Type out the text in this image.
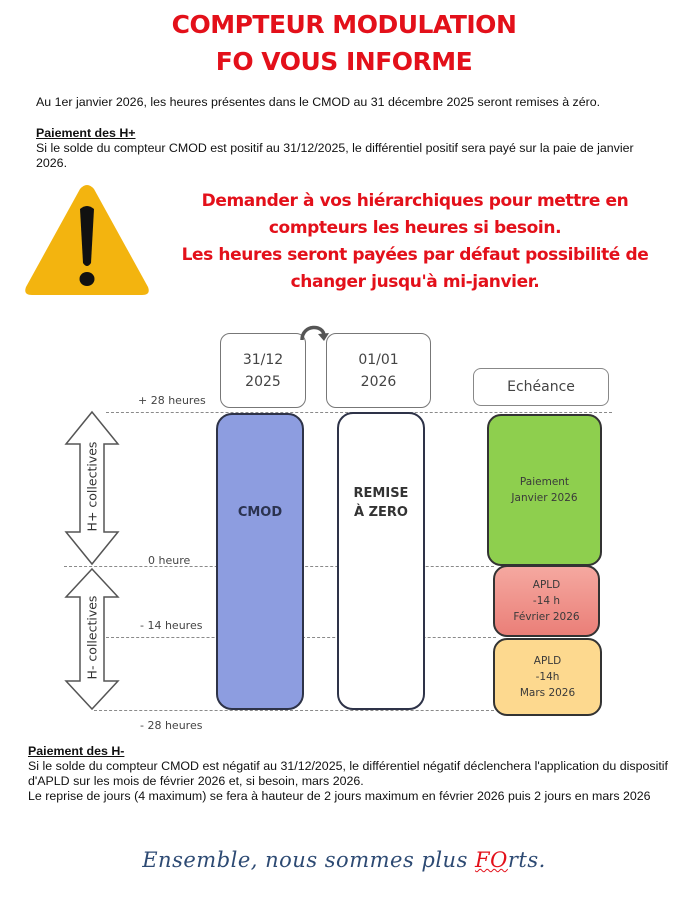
COMPTEUR MODULATION
FO VOUS INFORME
Au 1er janvier 2026, les heures présentes dans le CMOD au 31 décembre 2025 seront remises à zéro.
Paiement des H+
Si le solde du compteur CMOD est positif au 31/12/2025, le différentiel positif sera payé sur la paie de janvier 2026.
Demander à vos hiérarchiques pour mettre en
compteurs les heures si besoin.
Les heures seront payées par défaut possibilité de
changer jusqu'à mi-janvier.
+ 28 heures
0 heure
- 14 heures
- 28 heures
H+ collectives
H- collectives
31/12
2025
01/01
2026
CMOD
REMISE
À ZERO
Echéance
Paiement
Janvier 2026
APLD
-14 h
Février 2026
APLD
-14h
Mars 2026
Paiement des H-
Si le solde du compteur CMOD est négatif au 31/12/2025, le différentiel négatif déclenchera l'application du dispositif d'APLD sur les mois de février 2026 et, si besoin, mars 2026.
Le reprise de jours (4 maximum) se fera à hauteur de 2 jours maximum en février 2026 puis 2 jours en mars 2026
Ensemble, nous sommes plus FOrts.
